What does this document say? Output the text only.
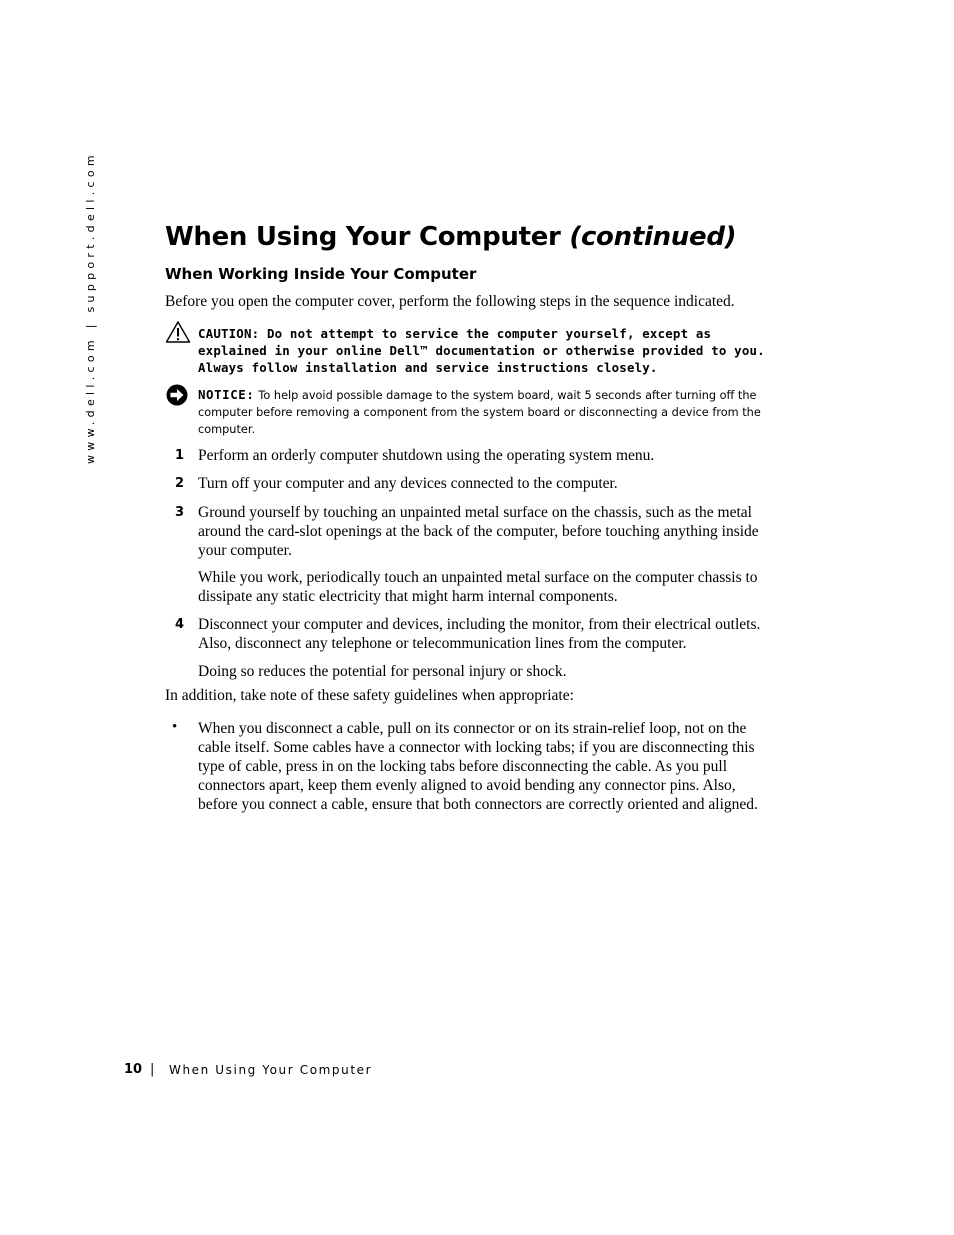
www.dell.com | support.dell.com	When Using Your Computer (continued)
When Working Inside Your Computer

Before you open the computer cover, perform the following steps in the sequence indicated.

CAUTION: Do not attempt to service the computer yourself, except as explained in your online Dell™ documentation or otherwise provided to you. Always follow installation and service instructions closely.
NOTICE: To help avoid possible damage to the system board, wait 5 seconds after turning off the computer before removing a component from the system board or disconnecting a device from the computer.
1 Perform an orderly computer shutdown using the operating system menu.

2 Turn off your computer and any devices connected to the computer.

3 Ground yourself by touching an unpainted metal surface on the chassis, such as the metal around the card-slot openings at the back of the computer, before touching anything inside your computer.

While you work, periodically touch an unpainted metal surface on the computer chassis to dissipate any static electricity that might harm internal components.

4 Disconnect your computer and devices, including the monitor, from their electrical outlets. Also, disconnect any telephone or telecommunication lines from the computer.

Doing so reduces the potential for personal injury or shock.

In addition, take note of these safety guidelines when appropriate:

• When you disconnect a cable, pull on its connector or on its strain-relief loop, not on the cable itself. Some cables have a connector with locking tabs; if you are disconnecting this type of cable, press in on the locking tabs before disconnecting the cable. As you pull connectors apart, keep them evenly aligned to avoid bending any connector pins. Also, before you connect a cable, ensure that both connectors are correctly oriented and aligned.

10 | When Using Your Computer
